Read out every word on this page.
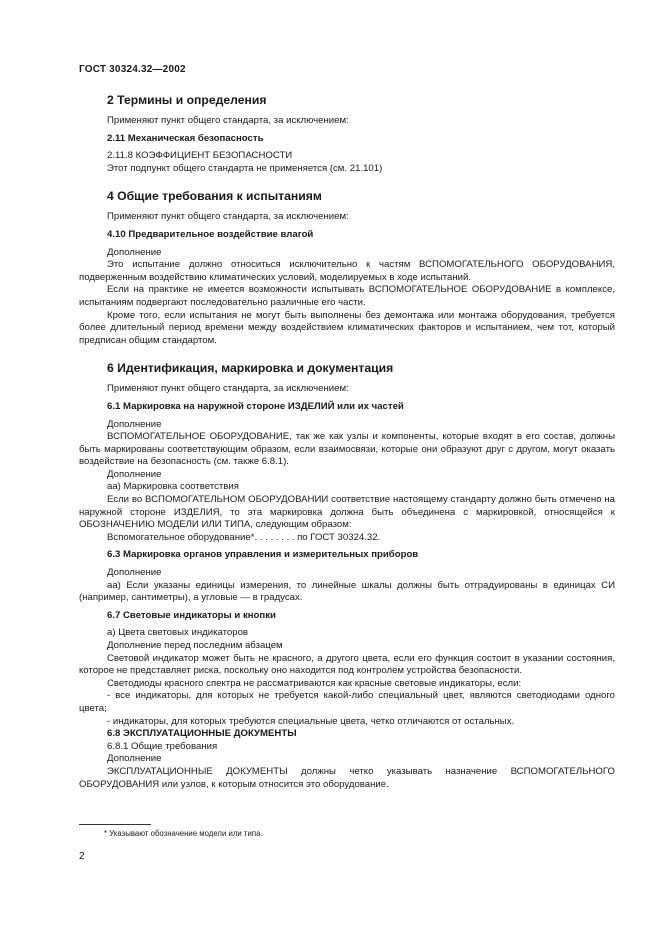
ГОСТ 30324.32—2002
2 Термины и определения

Применяют пункт общего стандарта, за исключением:

2.11 Механическая безопасность

2.11.8 КОЭФФИЦИЕНТ БЕЗОПАСНОСТИ

Этот подпункт общего стандарта не применяется (см. 21.101)

4 Общие требования к испытаниям

Применяют пункт общего стандарта, за исключением:

4.10 Предварительное воздействие влагой

Дополнение

Это испытание должно относиться исключительно к частям ВСПОМОГАТЕЛЬНОГО ОБОРУДОВАНИЯ, подверженным воздействию климатических условий, моделируемых в ходе испытаний.

Если на практике не имеется возможности испытывать ВСПОМОГАТЕЛЬНОЕ ОБОРУДОВАНИЕ в комплексе, испытаниям подвергают последовательно различные его части.

Кроме того, если испытания не могут быть выполнены без демонтажа или монтажа оборудования, требуется более длительный период времени между воздействием климатических факторов и испытанием, чем тот, который предписан общим стандартом.

6 Идентификация, маркировка и документация

Применяют пункт общего стандарта, за исключением:

6.1 Маркировка на наружной стороне ИЗДЕЛИЙ или их частей

Дополнение

ВСПОМОГАТЕЛЬНОЕ ОБОРУДОВАНИЕ, так же как узлы и компоненты, которые входят в его состав, должны быть маркированы соответствующим образом, если взаимосвязи, которые они образуют друг с другом, могут оказать воздействие на безопасность (см. также 6.8.1).

Дополнение

аа) Маркировка соответствия

Если во ВСПОМОГАТЕЛЬНОМ ОБОРУДОВАНИИ соответствие настоящему стандарту должно быть отмечено на наружной стороне ИЗДЕЛИЯ, то эта маркировка должна быть объединена с маркировкой, относящейся к ОБОЗНАЧЕНИЮ МОДЕЛИ ИЛИ ТИПА, следующим образом:

Вспомогательное оборудование*. . . . . . . . по ГОСТ 30324.32.

6.3 Маркировка органов управления и измерительных приборов

Дополнение

аа) Если указаны единицы измерения, то линейные шкалы должны быть отградуированы в единицах СИ (например, сантиметры), а угловые — в градусах.

6.7 Световые индикаторы и кнопки

а) Цвета световых индикаторов

Дополнение перед последним абзацем

Световой индикатор может быть не красного, а другого цвета, если его функция состоит в указании состояния, которое не представляет риска, поскольку оно находится под контролем устройства безопасности.

Светодиоды красного спектра не рассматриваются как красные световые индикаторы, если:

- все индикаторы, для которых не требуется какой-либо специальный цвет, являются светодиодами одного цвета;

- индикаторы, для которых требуются специальные цвета, четко отличаются от остальных.

6.8 ЭКСПЛУАТАЦИОННЫЕ ДОКУМЕНТЫ

6.8.1 Общие требования

Дополнение

ЭКСПЛУАТАЦИОННЫЕ ДОКУМЕНТЫ должны четко указывать назначение ВСПОМОГАТЕЛЬНОГО ОБОРУДОВАНИЯ или узлов, к которым относится это оборудование.

* Указывают обозначение модели или типа.
2
